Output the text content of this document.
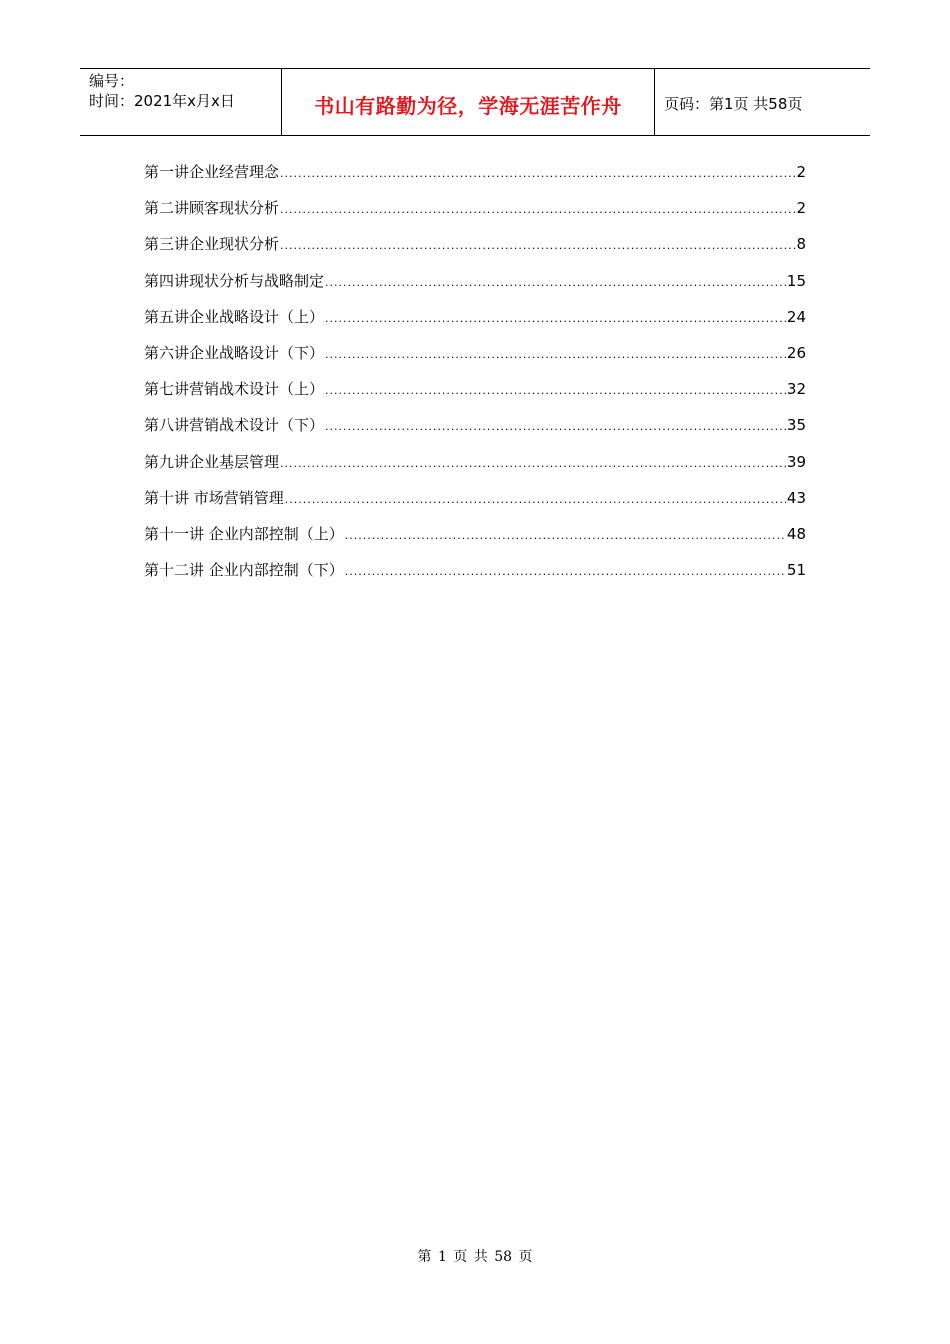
编号：
时间：2021年x月x日	书山有路勤为径，学海无涯苦作舟	页码：第1页 共58页
第一讲企业经营理念 .....	2
第二讲顾客现状分析 .....	2
第三讲企业现状分析 .....	8
第四讲现状分析与战略制定 .....	15
第五讲企业战略设计（上） .....	24
第六讲企业战略设计（下） .....	26
第七讲营销战术设计（上） .....	32
第八讲营销战术设计（下） .....	35
第九讲企业基层管理 .....	39
第十讲 市场营销管理 .....	43
第十一讲 企业内部控制（上） .....	48
第十二讲 企业内部控制（下） .....	51
第 1 页 共 58 页
